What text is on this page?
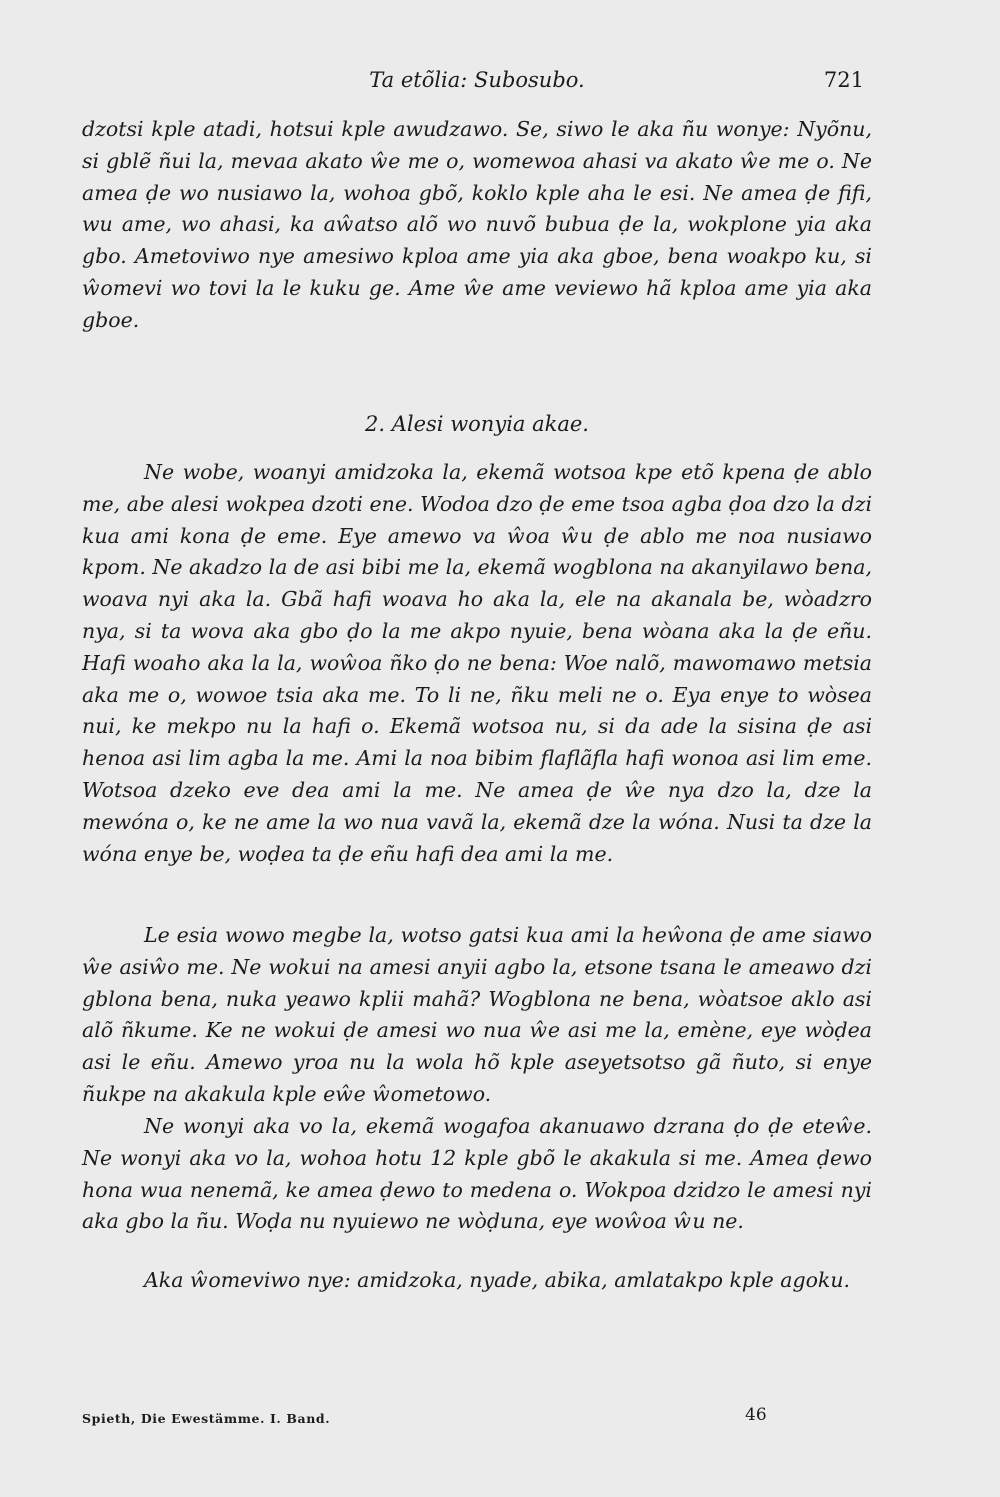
Ta etõlia: Subosubo.	721

dzotsi kple atadi, hotsui kple awudzawo. Se, siwo le aka ñu wonye: Nyõnu, si gblẽ ñui la, mevaa akato ŵe me o, womewoa ahasi va akato ŵe me o. Ne amea ḍe wo nusiawo la, wohoa gbõ, koklo kple aha le esi. Ne amea ḍe fifi, wu ame, wo ahasi, ka aŵatso alõ wo nuvõ bubua ḍe la, wokplone yia aka gbo. Ametoviwo nye amesiwo kploa ame yia aka gboe, bena woakpo ku, si ŵomevi wo tovi la le kuku ge. Ame ŵe ame veviewo hã kploa ame yia aka gboe.

2. Alesi wonyia akae.

Ne wobe, woanyi amidzoka la, ekemã wotsoa kpe etõ kpena ḍe ablo me, abe alesi wokpea dzoti ene. Wodoa dzo ḍe eme tsoa agba ḍoa dzo la dzi kua ami kona ḍe eme. Eye amewo va ŵoa ŵu ḍe ablo me noa nusiawo kpom. Ne akadzo la de asi bibi me la, ekemã wogblona na akanyilawo bena, woava nyi aka la. Gbã hafi woava ho aka la, ele na akanala be, wòadzro nya, si ta wova aka gbo ḍo la me akpo nyuie, bena wòana aka la ḍe eñu. Hafi woaho aka la la, woŵoa ñko ḍo ne bena: Woe nalõ, mawomawo metsia aka me o, wowoe tsia aka me. To li ne, ñku meli ne o. Eya enye to wòsea nui, ke mekpo nu la hafi o. Ekemã wotsoa nu, si da ade la sisina ḍe asi henoa asi lim agba la me. Ami la noa bibim flaflãfla hafi wonoa asi lim eme. Wotsoa dzeko eve dea ami la me. Ne amea ḍe ŵe nya dzo la, dze la mewóna o, ke ne ame la wo nua vavã la, ekemã dze la wóna. Nusi ta dze la wóna enye be, woḍea ta ḍe eñu hafi dea ami la me.

Le esia wowo megbe la, wotso gatsi kua ami la heŵona ḍe ame siawo ŵe asiŵo me. Ne wokui na amesi anyii agbo la, etsone tsana le ameawo dzi gblona bena, nuka yeawo kplii mahã? Wogblona ne bena, wòatsoe aklo asi alõ ñkume. Ke ne wokui ḍe amesi wo nua ŵe asi me la, emène, eye wòḍea asi le eñu. Amewo yroa nu la wola hõ kple aseyetsotso gã ñuto, si enye ñukpe na akakula kple eŵe ŵometowo.

Ne wonyi aka vo la, ekemã wogafoa akanuawo dzrana ḍo ḍe eteŵe. Ne wonyi aka vo la, wohoa hotu 12 kple gbõ le akakula si me. Amea ḍewo hona wua nenemã, ke amea ḍewo to medena o. Wokpoa dzidzo le amesi nyi aka gbo la ñu. Woḍa nu nyuiewo ne wòḍuna, eye woŵoa ŵu ne.

Aka ŵomeviwo nye: amidzoka, nyade, abika, amlatakpo kple agoku.

Spieth, Die Ewestämme. I. Band.	46
